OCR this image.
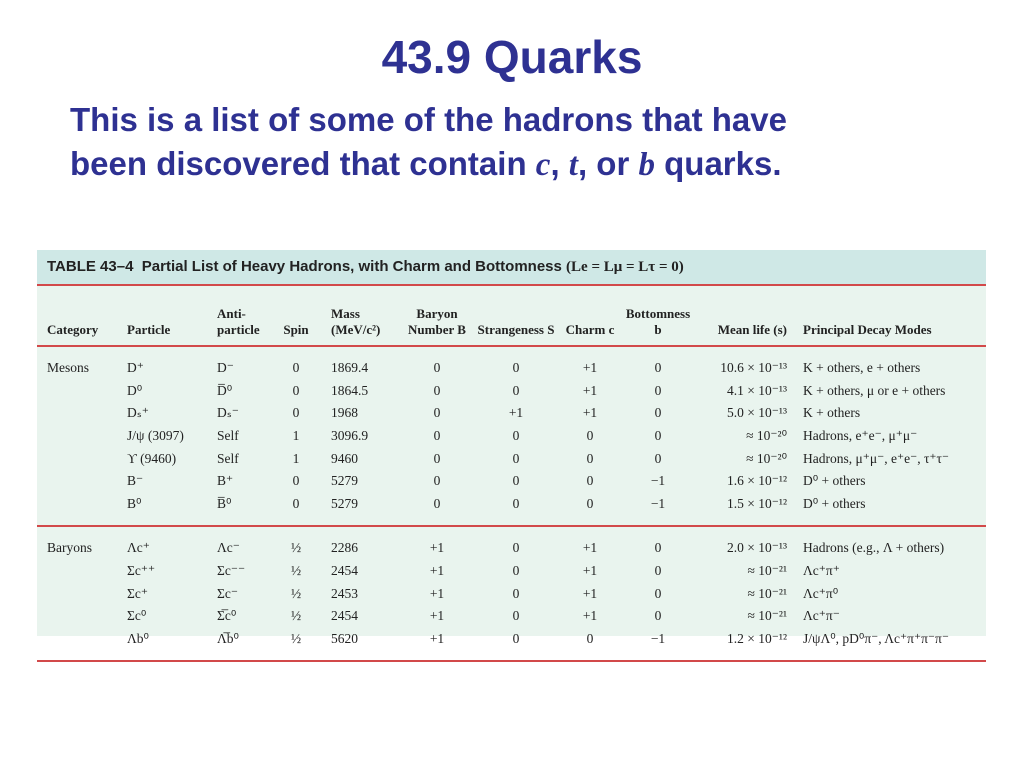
43.9 Quarks
This is a list of some of the hadrons that have
been discovered that contain c, t, or b quarks.
TABLE 43–4 Partial List of Heavy Hadrons, with Charm and Bottomness (Le = Lμ = Lτ = 0)
Category	Particle	Anti-particle	Spin	Mass (MeV/c²)	Baryon Number B	Strangeness S	Charm c	Bottomness b	Mean life (s)	Principal Decay Modes

Mesons	D⁺	D⁻	0	1869.4	0	0	+1	0	10.6 × 10⁻¹³	K + others, e + others
	D⁰	D̅⁰	0	1864.5	0	0	+1	0	4.1 × 10⁻¹³	K + others, μ or e + others
	Dₛ⁺	Dₛ⁻	0	1968	0	+1	+1	0	5.0 × 10⁻¹³	K + others
	J/ψ (3097)	Self	1	3096.9	0	0	0	0	≈ 10⁻²⁰	Hadrons, e⁺e⁻, μ⁺μ⁻
	ϒ (9460)	Self	1	9460	0	0	0	0	≈ 10⁻²⁰	Hadrons, μ⁺μ⁻, e⁺e⁻, τ⁺τ⁻
	B⁻	B⁺	0	5279	0	0	0	−1	1.6 × 10⁻¹²	D⁰ + others
	B⁰	B̅⁰	0	5279	0	0	0	−1	1.5 × 10⁻¹²	D⁰ + others

Baryons	Λc⁺	Λc⁻	½	2286	+1	0	+1	0	2.0 × 10⁻¹³	Hadrons (e.g., Λ + others)
	Σc⁺⁺	Σc⁻⁻	½	2454	+1	0	+1	0	≈ 10⁻²¹	Λc⁺π⁺
	Σc⁺	Σc⁻	½	2453	+1	0	+1	0	≈ 10⁻²¹	Λc⁺π⁰
	Σc⁰	Σ̅c⁰	½	2454	+1	0	+1	0	≈ 10⁻²¹	Λc⁺π⁻
	Λb⁰	Λ̅b⁰	½	5620	+1	0	0	−1	1.2 × 10⁻¹²	J/ψΛ⁰, pD⁰π⁻, Λc⁺π⁺π⁻π⁻
